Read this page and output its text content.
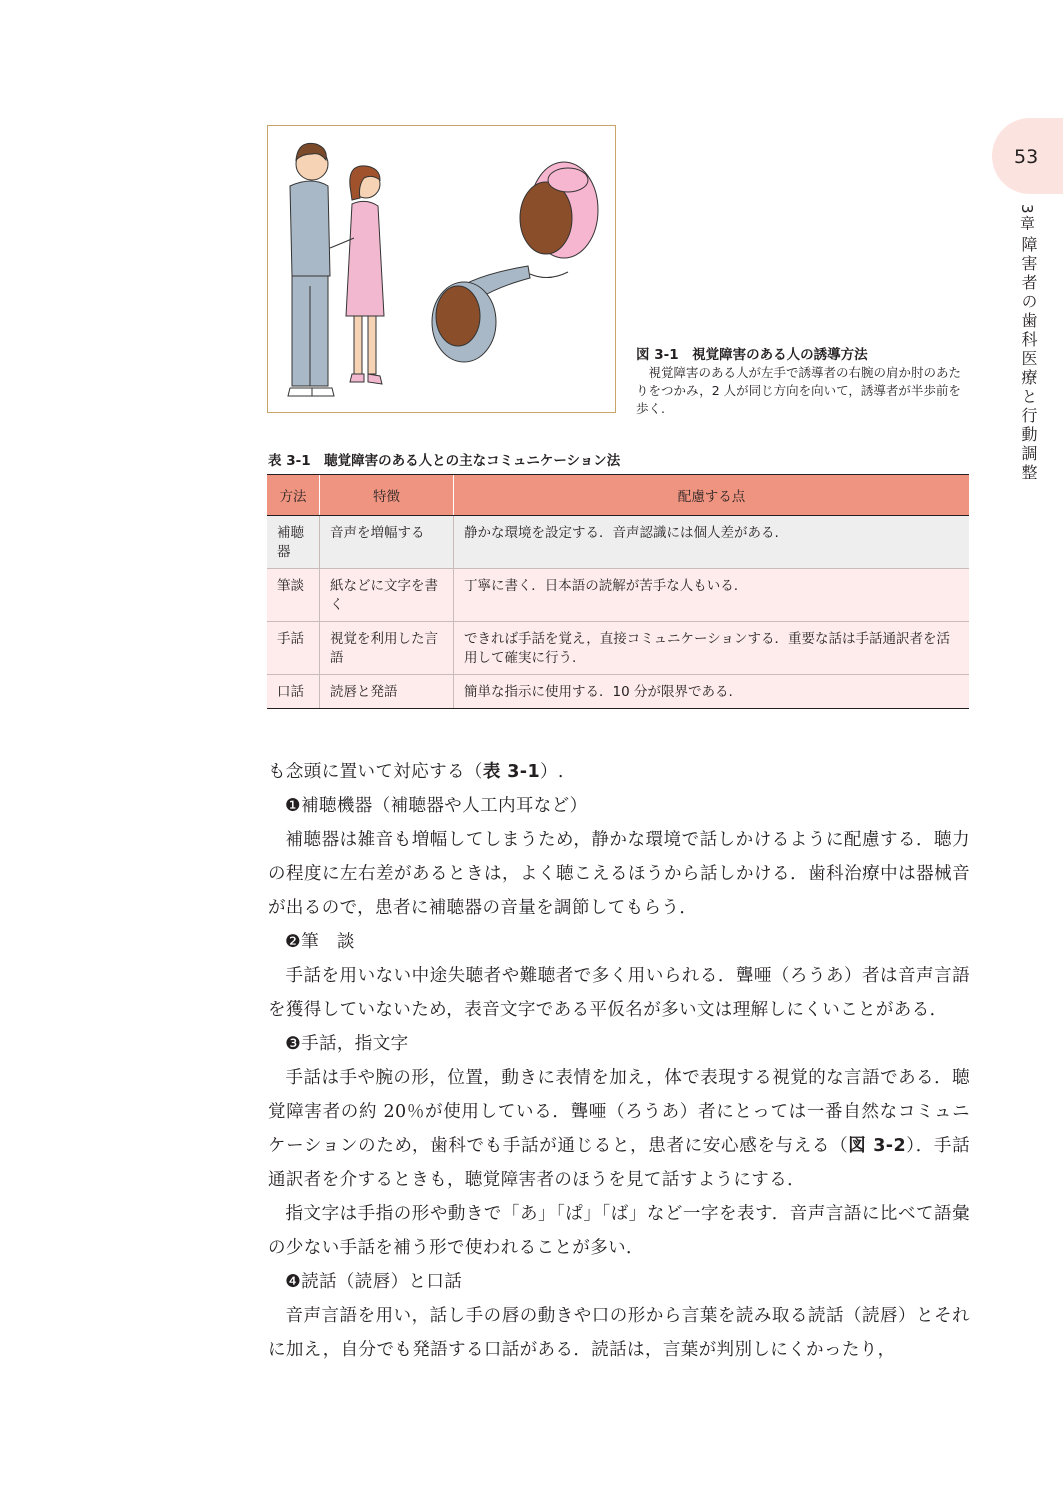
53
3章
障害者の歯科医療と行動調整
図 3-1　視覚障害のある人の誘導方法
視覚障害のある人が左手で誘導者の右腕の肩か肘のあたりをつかみ，2 人が同じ方向を向いて，誘導者が半歩前を歩く.
表 3-1　聴覚障害のある人との主なコミュニケーション法
方法	特徴	配慮する点
補聴器	音声を増幅する	静かな環境を設定する．音声認識には個人差がある.
筆談	紙などに文字を書く	丁寧に書く．日本語の読解が苦手な人もいる.
手話	視覚を利用した言語	できれば手話を覚え，直接コミュニケーションする．重要な話は手話通訳者を活用して確実に行う.
口話	読唇と発語	簡単な指示に使用する．10 分が限界である.

も念頭に置いて対応する（表 3-1）.

❶補聴機器（補聴器や人工内耳など）

補聴器は雑音も増幅してしまうため，静かな環境で話しかけるように配慮する．聴力の程度に左右差があるときは，よく聴こえるほうから話しかける．歯科治療中は器械音が出るので，患者に補聴器の音量を調節してもらう．

❷筆　談

手話を用いない中途失聴者や難聴者で多く用いられる．聾唖（ろうあ）者は音声言語を獲得していないため，表音文字である平仮名が多い文は理解しにくいことがある．

❸手話，指文字

手話は手や腕の形，位置，動きに表情を加え，体で表現する視覚的な言語である．聴覚障害者の約 20％が使用している．聾唖（ろうあ）者にとっては一番自然なコミュニケーションのため，歯科でも手話が通じると，患者に安心感を与える（図 3-2）．手話通訳者を介するときも，聴覚障害者のほうを見て話すようにする．

指文字は手指の形や動きで「あ」「ぱ」「ば」など一字を表す．音声言語に比べて語彙の少ない手話を補う形で使われることが多い．

❹読話（読唇）と口話

音声言語を用い，話し手の唇の動きや口の形から言葉を読み取る読話（読唇）とそれに加え，自分でも発語する口話がある．読話は，言葉が判別しにくかったり，
